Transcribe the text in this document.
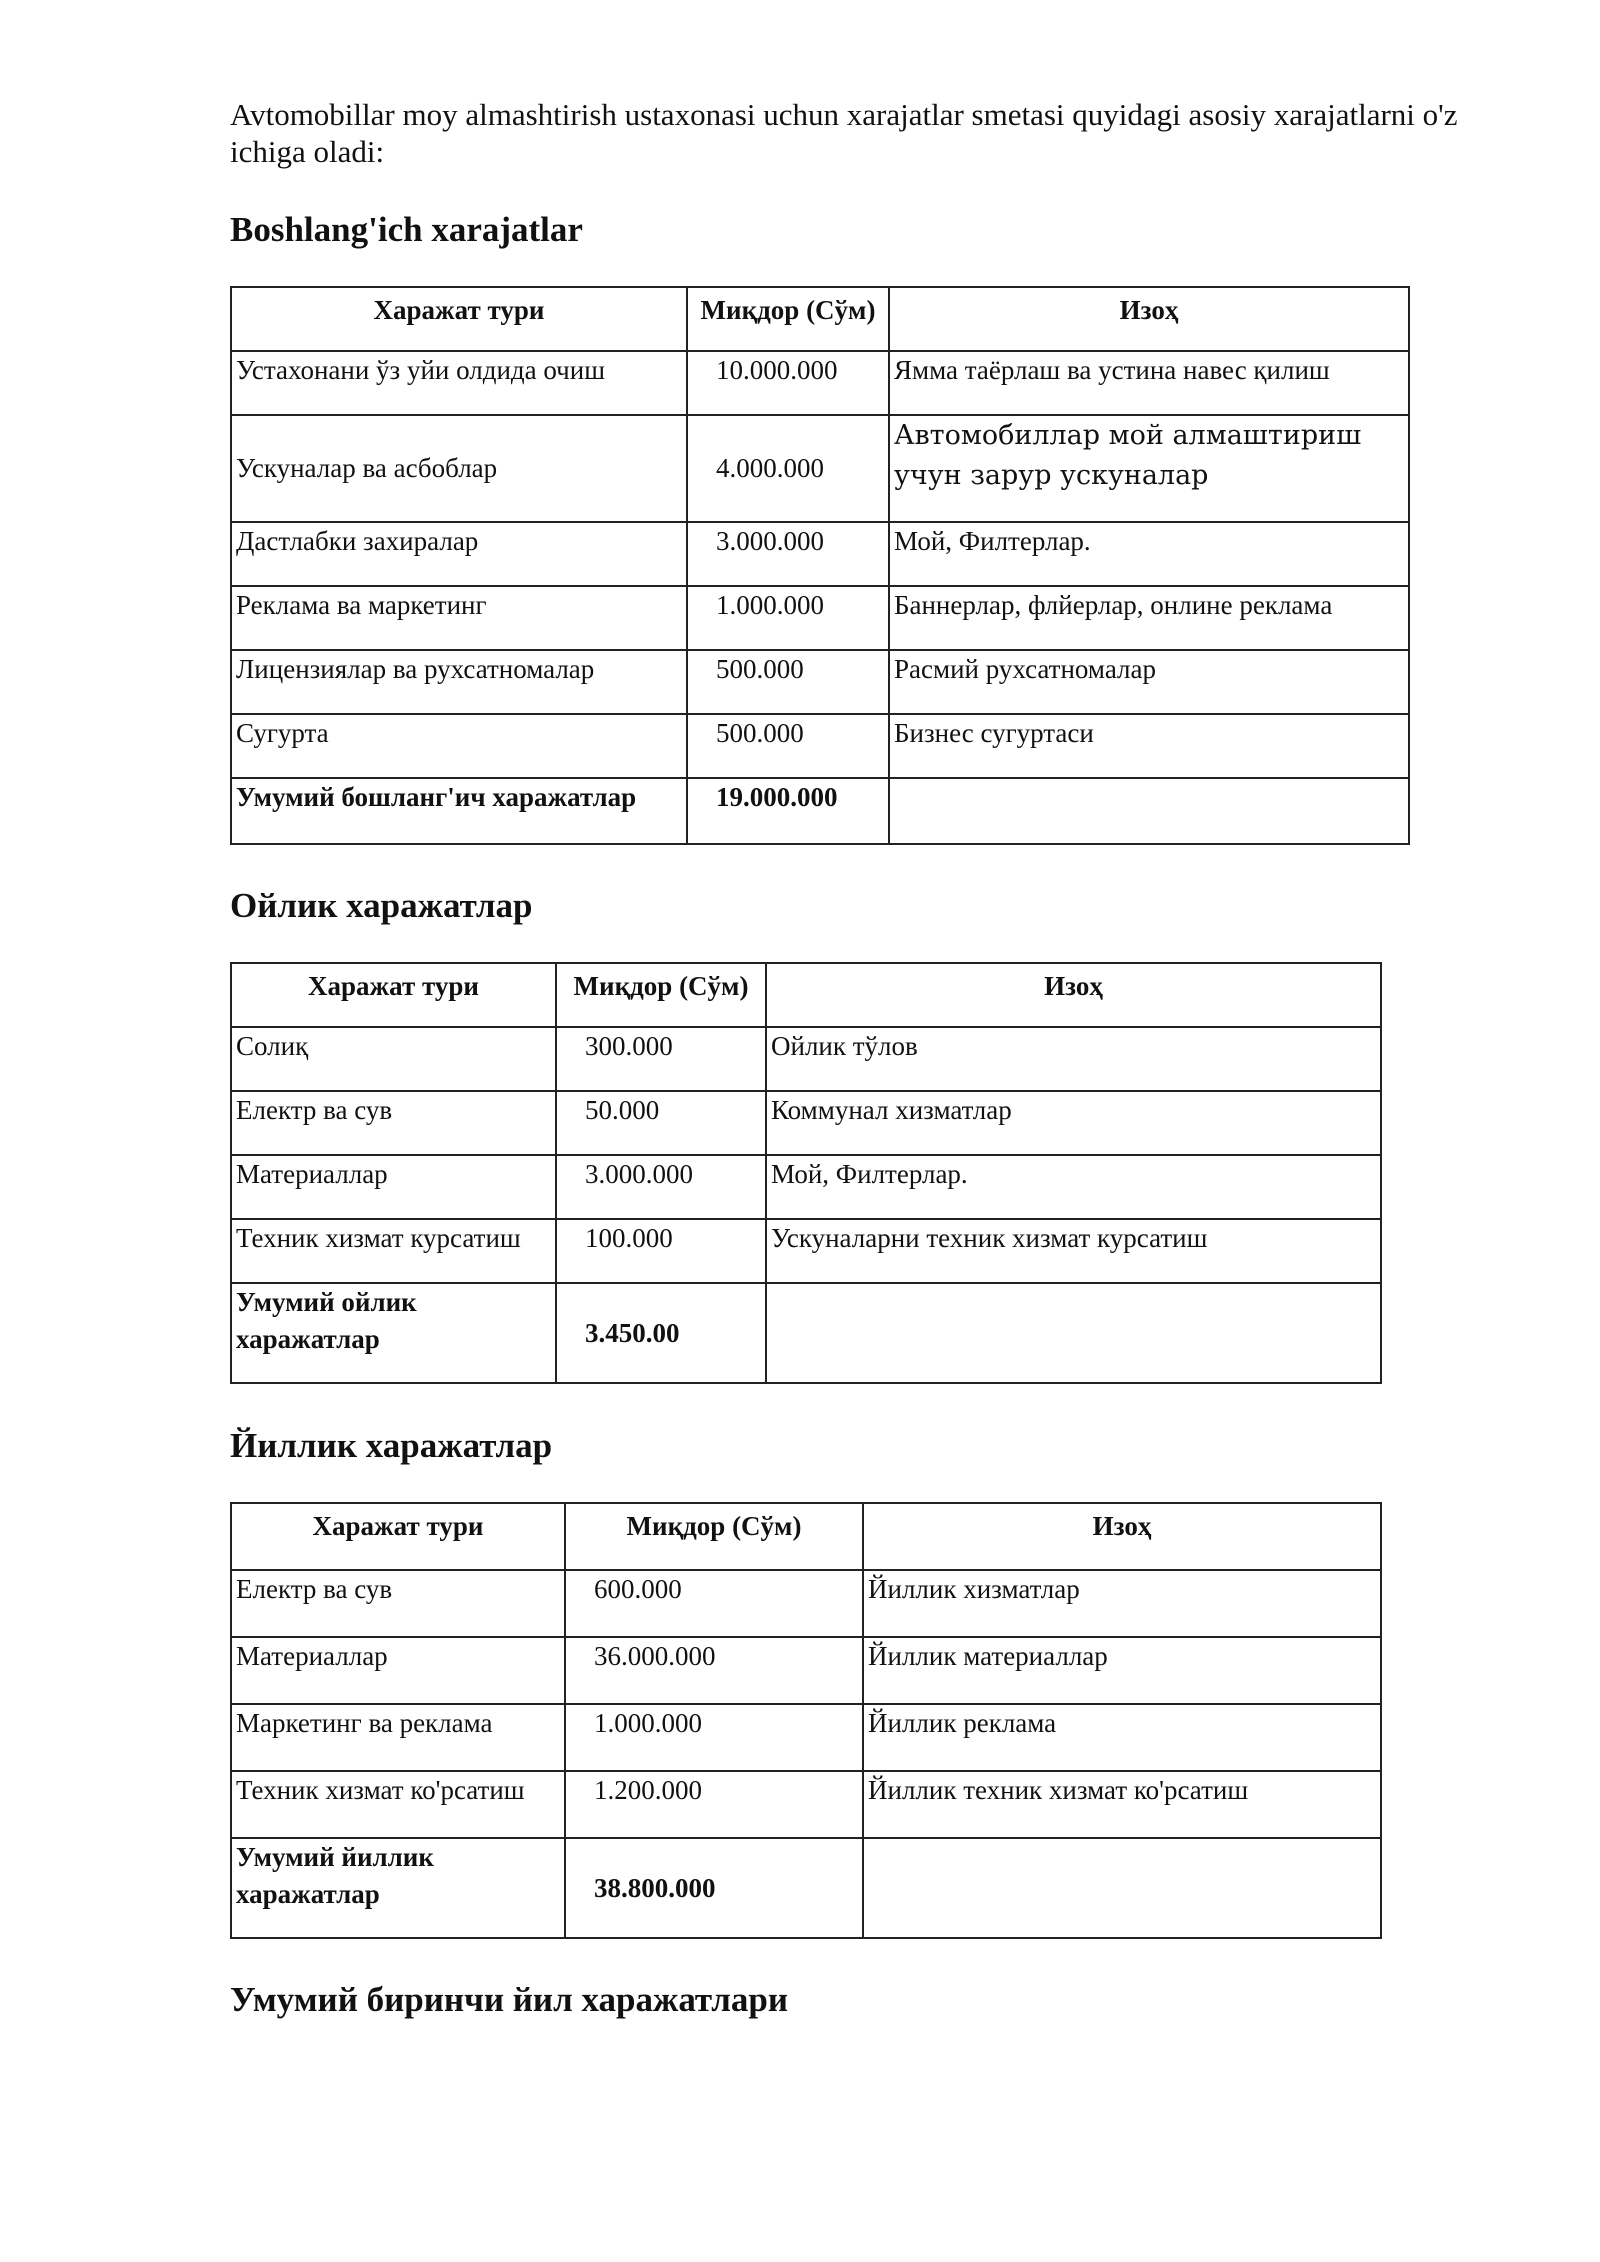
Avtomobillar moy almashtirish ustaxonasi uchun xarajatlar smetasi quyidagi asosiy xarajatlarni o'z ichiga oladi:

Boshlang'ich xarajatlar
Харажат тури	Миқдор (Сўм)	Изоҳ
Устахонани ўз уйи олдида очиш	10.000.000	Ямма таёрлаш ва устина навес қилиш
Ускуналар ва асбоблар	4.000.000	Автомобиллар мой алмаштириш учун зарур ускуналар
Дастлабки захиралар	3.000.000	Мой, Филтерлар.
Реклама ва маркетинг	1.000.000	Баннерлар, флйерлар, онлине реклама
Лицензиялар ва рухсатномалар	500.000	Расмий рухсатномалар
Сугурта	500.000	Бизнес сугуртаси
Умумий бошланг'ич харажатлар	19.000.000	
Ойлик харажатлар
Харажат тури	Миқдор (Сўм)	Изоҳ
Солиқ	300.000	Ойлик тўлов
Електр ва сув	50.000	Коммунал хизматлар
Материаллар	3.000.000	Мой, Филтерлар.
Техник хизмат курсатиш	100.000	Ускуналарни техник хизмат курсатиш
Умумий ойлик харажатлар	3.450.00	
Йиллик харажатлар
Харажат тури	Миқдор (Сўм)	Изоҳ
Електр ва сув	600.000	Йиллик хизматлар
Материаллар	36.000.000	Йиллик материаллар
Маркетинг ва реклама	1.000.000	Йиллик реклама
Техник хизмат ко'рсатиш	1.200.000	Йиллик техник хизмат ко'рсатиш
Умумий йиллик харажатлар	38.800.000	
Умумий биринчи йил харажатлари
